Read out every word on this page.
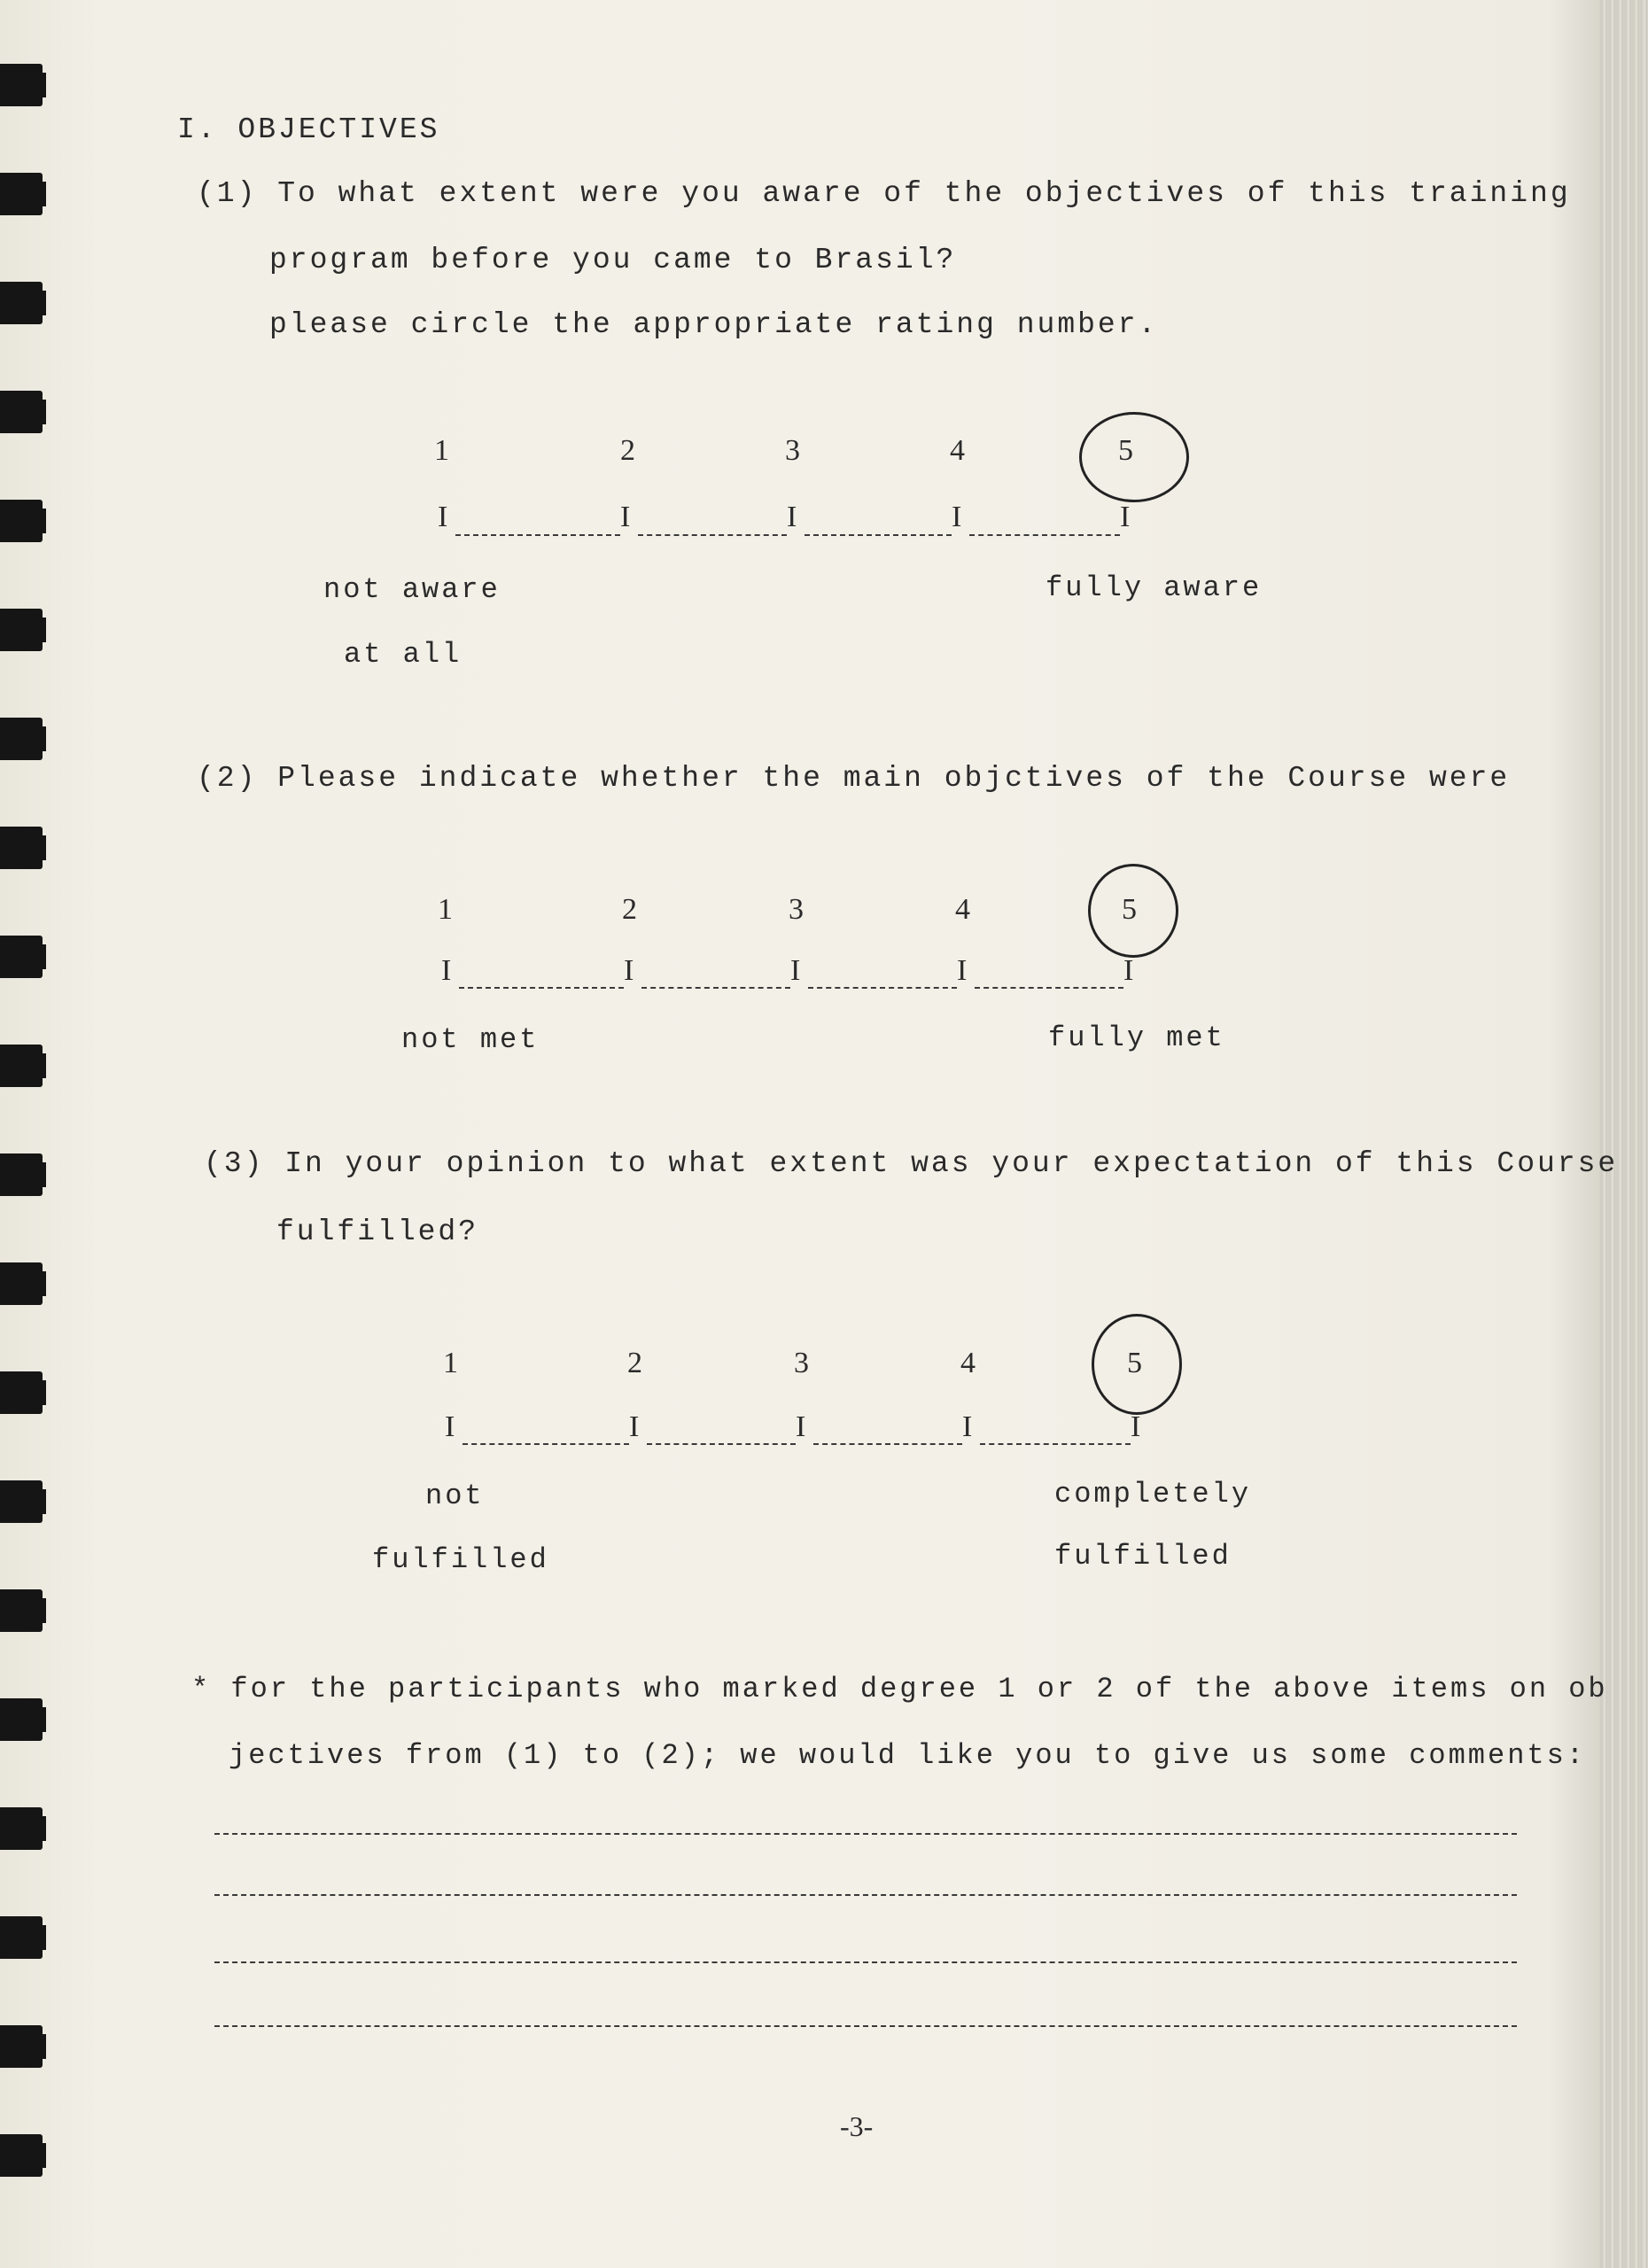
I. OBJECTIVES
(1) To what extent were you aware of the objectives of this training
program before you came to Brasil?
please circle the appropriate rating number.
1	2	3	4	5
I	I	I	I	I
not aware
at all
fully aware
(2) Please indicate whether the main objctives of the Course were
1	2	3	4	5
I	I	I	I	I
not met	fully met
(3) In your opinion to what extent was your expectation of this Course
fulfilled?
1	2	3	4	5
I	I	I	I	I
not
fulfilled
completely
fulfilled
* for the participants who marked degree 1 or 2 of the above items on ob
jectives from (1) to (2); we would like you to give us some comments:
-3-
